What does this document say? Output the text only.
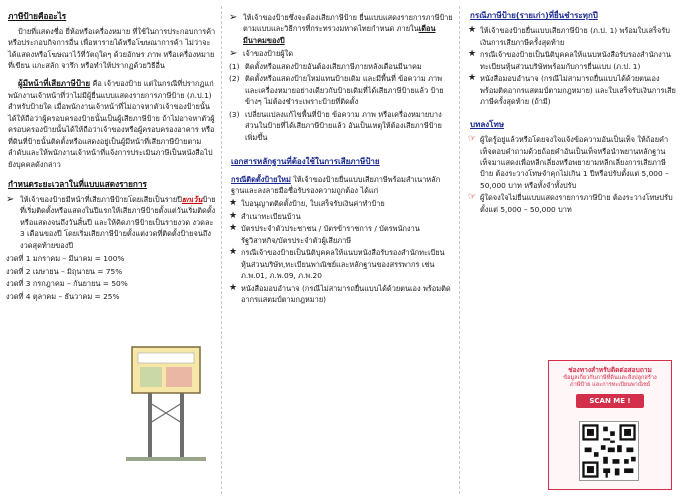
ภาษีป้ายคืออะไร
ป้ายที่แสดงชื่อ ยี่ห้อหรือเครื่องหมาย ที่ใช้ในการประกอบการค้า หรือประกอบกิจการอื่น เพื่อหารายได้หรือโฆษณาการค้า ไม่ว่าจะได้แสดงหรือโฆษณาไว้ที่วัตถุใดๆ ด้วยอักษร ภาพ หรือเครื่องหมายที่เขียน แกะสลัก จารึก หรือทำให้ปรากฏด้วยวิธีอื่น
ผู้มีหน้าที่เสียภาษีป้าย คือ เจ้าของป้าย แต่ในกรณีที่ปรากฏแก่พนักงานเจ้าหน้าที่ว่าไม่มีผู้ยื่นแบบแสดงรายการภาษีป้าย (ภ.ป.1) สำหรับป้ายใด เมื่อพนักงานเจ้าหน้าที่ไม่อาจหาตัวเจ้าของป้ายนั้นได้ให้ถือว่าผู้ครอบครองป้ายนั้นเป็นผู้เสียภาษีป้าย ถ้าไม่อาจหาตัวผู้ครอบครองป้ายนั้นได้ให้ถือว่าเจ้าของหรือผู้ครอบครองอาคาร หรือที่ดินที่ป้ายนั้นติดตั้งหรือแสดงอยู่เป็นผู้มีหน้าที่เสียภาษีป้ายตามลำดับและให้พนักงานเจ้าหน้าที่แจ้งการประเมินภาษีเป็นหนังสือไปยังบุคคลดังกล่าว
กำหนดระยะเวลาในที่แบบแสดงรายการ
➢ ให้เจ้าของป้ายมีหน้าที่เสียภาษีป้ายโดยเสียเป็นรายปียกเว้นป้ายที่เริ่มติดตั้งหรือแสดงในปีแรกให้เสียภาษีป้ายตั้งแต่วันเริ่มติดตั้ง หรือแสดงจนถึงวันสิ้นปี และให้คิดภาษีป้ายเป็นรายงวด งวดละ 3 เดือนของปี โดยเริ่มเสียภาษีป้ายตั้งแต่งวดที่ติดตั้งป้ายจนถึงงวดสุดท้ายของปี
งวดที่ 1 มกราคม – มีนาคม = 100%
งวดที่ 2 เมษายน – มิถุนายน = 75%
งวดที่ 3 กรกฎาคม – กันยายน = 50%
งวดที่ 4 ตุลาคม – ธันวาคม = 25%
➢ ให้เจ้าของป้ายซึ่งจะต้องเสียภาษีป้าย ยื่นแบบแสดงรายการภาษีป้ายตามแบบและวิธีการที่กระทรวงมหาดไทยกำหนด ภายในเดือนมีนาคมของปี
➢ เจ้าของป้ายผู้ใด
(1) ติดตั้งหรือแสดงป้ายอันต้องเสียภาษีภายหลังเดือนมีนาคม
(2) ติดตั้งหรือแสดงป้ายใหม่แทนป้ายเดิม และมีพื้นที่ ข้อความ ภาพและเครื่องหมายอย่างเดียวกับป้ายเดิมที่ได้เสียภาษีป้ายแล้ว ป้ายข้างๆ ไม่ต้องชำระเพราะป้ายที่ติดตั้ง
(3) เปลี่ยนแปลงแก้ไขพื้นที่ป้าย ข้อความ ภาพ หรือเครื่องหมายบางส่วนในป้ายที่ได้เสียภาษีป้ายแล้ว อันเป็นเหตุให้ต้องเสียภาษีป้ายเพิ่มขึ้น
เอกสารหลักฐานที่ต้องใช้ในการเสียภาษีป้าย
กรณีติดตั้งป้ายใหม่ ให้เจ้าของป้ายยื่นแบบเสียภาษีพร้อมสำเนาหลักฐานและลงลายมือชื่อรับรองความถูกต้อง ได้แก่
★ ใบอนุญาตติดตั้งป้าย, ใบเสร็จรับเงินค่าทำป้าย
★ สำเนาทะเบียนบ้าน
★ บัตรประจำตัวประชาชน / บัตรข้าราชการ / บัตรพนักงานรัฐวิสาหกิจ/บัตรประจำตัวผู้เสียภาษี
★ กรณีเจ้าของป้ายเป็นนิติบุคคลให้แนบหนังสือรับรองสำนักทะเบียนหุ้นส่วนบริษัท,ทะเบียนพาณิชย์และหลักฐานของสรรพากร เช่น ภ.พ.01, ภ.พ.09, ภ.พ.20
★ หนังสือมอบอำนาจ (กรณีไม่สามารถยื่นแบบได้ด้วยตนเอง พร้อมติดอากรแสตมป์ตามกฎหมาย)
กรณีภาษีป้าย(รายเก่า)ที่ยื่นชำระทุกปี
★ ให้เจ้าของป้ายยื่นแบบเสียภาษีป้าย (ภ.ป. 1) พร้อมใบเสร็จรับเงินการเสียภาษีครั้งสุดท้าย
★ กรณีเจ้าของป้ายเป็นนิติบุคคลให้แนบหนังสือรับรองสำนักงานทะเบียนหุ้นส่วนบริษัทพร้อมกับการยื่นแบบ (ภ.ป. 1)
★ หนังสือมอบอำนาจ (กรณีไม่สามารถยื่นแบบได้ด้วยตนเอง พร้อมติดอากรแสตมป์ตามกฎหมาย) และใบเสร็จรับเงินการเสียภาษีครั้งสุดท้าย (ถ้ามี)
บทลงโทษ
☞ ผู้ใดรู้อยู่แล้วหรือโดยจงใจแจ้งข้อความอันเป็นเท็จ ให้ถ้อยคำเท็จตอบคำถามด้วยถ้อยคำอันเป็นเท็จหรือนำพยานหลักฐานเท็จมาแสดงเพื่อหลีกเลี่ยงหรือพยายามหลีกเลี่ยงการเสียภาษีป้าย ต้องระวางโทษจำคุกไม่เกิน 1 ปีหรือปรับตั้งแต่ 5,000 – 50,000 บาท หรือทั้งจำทั้งปรับ
☞ ผู้ใดจงใจไม่ยื่นแบบแสดงรายการภาษีป้าย ต้องระวางโทษปรับตั้งแต่ 5,000 – 50,000 บาท
ช่องทางสำหรับติดต่อสอบถาม
ข้อมูลเกี่ยวกับภาษีที่ดินและสิ่งปลูกสร้าง
ภาษีป้าย และการทะเบียนพาณิชย์
SCAN ME !
